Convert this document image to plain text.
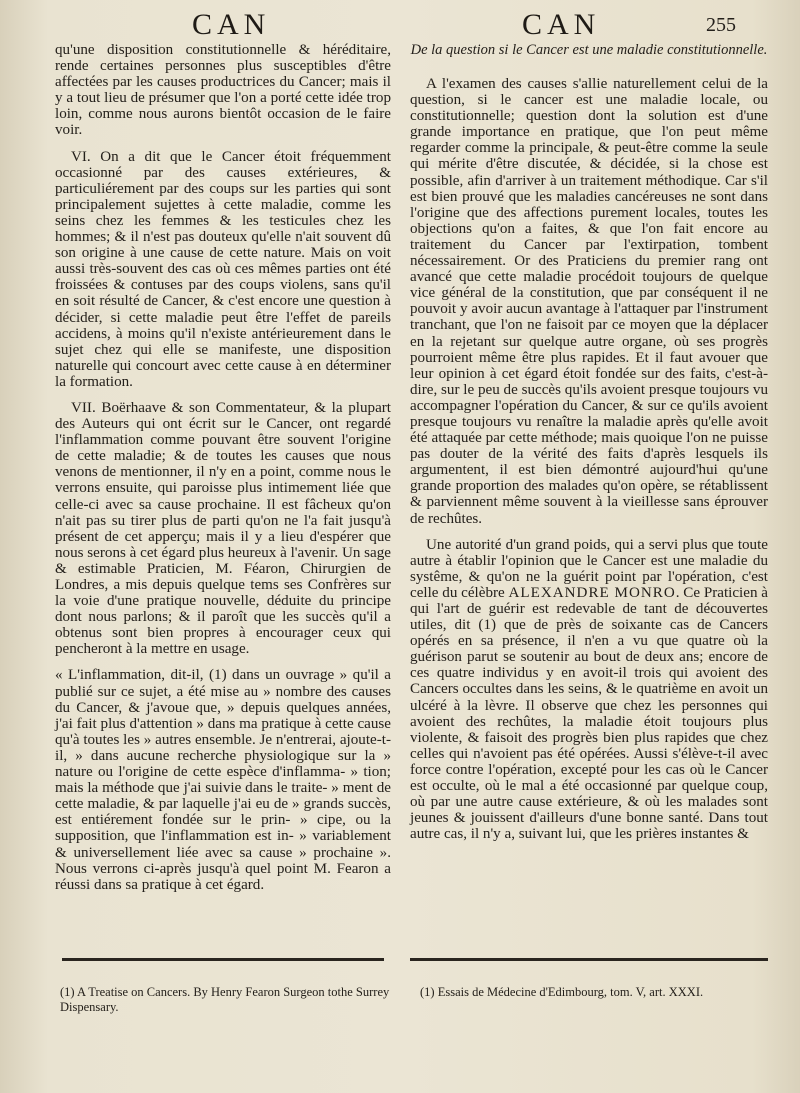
CAN	CAN	255

qu'une disposition constitutionnelle & héréditaire, rende certaines personnes plus susceptibles d'être affectées par les causes productrices du Cancer; mais il y a tout lieu de présumer que l'on a porté cette idée trop loin, comme nous aurons bientôt occasion de le faire voir.

VI. On a dit que le Cancer étoit fréquemment occasionné par des causes extérieures, & particuliérement par des coups sur les parties qui sont principalement sujettes à cette maladie, comme les seins chez les femmes & les testicules chez les hommes; & il n'est pas douteux qu'elle n'ait souvent dû son origine à une cause de cette nature. Mais on voit aussi très-souvent des cas où ces mêmes parties ont été froissées & contuses par des coups violens, sans qu'il en soit résulté de Cancer, & c'est encore une question à décider, si cette maladie peut être l'effet de pareils accidens, à moins qu'il n'existe antérieurement dans le sujet chez qui elle se manifeste, une disposition naturelle qui concourt avec cette cause à en déterminer la formation.

VII. Boërhaave & son Commentateur, & la plupart des Auteurs qui ont écrit sur le Cancer, ont regardé l'inflammation comme pouvant être souvent l'origine de cette maladie; & de toutes les causes que nous venons de mentionner, il n'y en a point, comme nous le verrons ensuite, qui paroisse plus intimement liée que celle-ci avec sa cause prochaine. Il est fâcheux qu'on n'ait pas su tirer plus de parti qu'on ne l'a fait jusqu'à présent de cet apperçu; mais il y a lieu d'espérer que nous serons à cet égard plus heureux à l'avenir. Un sage & estimable Praticien, M. Féaron, Chirurgien de Londres, a mis depuis quelque tems ses Confrères sur la voie d'une pratique nouvelle, déduite du principe dont nous parlons; & il paroît que les succès qu'il a obtenus sont bien propres à encourager ceux qui pencheront à la mettre en usage.

« L'inflammation, dit-il, (1) dans un ouvrage » qu'il a publié sur ce sujet, a été mise au » nombre des causes du Cancer, & j'avoue que, » depuis quelques années, j'ai fait plus d'attention » dans ma pratique à cette cause qu'à toutes les » autres ensemble. Je n'entrerai, ajoute-t-il, » dans aucune recherche physiologique sur la » nature ou l'origine de cette espèce d'inflamma- » tion; mais la méthode que j'ai suivie dans le traite- » ment de cette maladie, & par laquelle j'ai eu de » grands succès, est entiérement fondée sur le prin- » cipe, ou la supposition, que l'inflammation est in- » variablement & universellement liée avec sa cause » prochaine ». Nous verrons ci-après jusqu'à quel point M. Fearon a réussi dans sa pratique à cet égard.

De la question si le Cancer est une maladie constitutionnelle.

A l'examen des causes s'allie naturellement celui de la question, si le cancer est une maladie locale, ou constitutionnelle; question dont la solution est d'une grande importance en pratique, que l'on peut même regarder comme la principale, & peut-être comme la seule qui mérite d'être discutée, & décidée, si la chose est possible, afin d'arriver à un traitement méthodique. Car s'il est bien prouvé que les maladies cancéreuses ne sont dans l'origine que des affections purement locales, toutes les objections qu'on a faites, & que l'on fait encore au traitement du Cancer par l'extirpation, tombent nécessairement. Or des Praticiens du premier rang ont avancé que cette maladie procédoit toujours de quelque vice général de la constitution, que par conséquent il ne pouvoit y avoir aucun avantage à l'attaquer par l'instrument tranchant, que l'on ne faisoit par ce moyen que la déplacer en la rejetant sur quelque autre organe, où ses progrès pourroient même être plus rapides. Et il faut avouer que leur opinion à cet égard étoit fondée sur des faits, c'est-à-dire, sur le peu de succès qu'ils avoient presque toujours vu accompagner l'opération du Cancer, & sur ce qu'ils avoient presque toujours vu renaître la maladie après qu'elle avoit été attaquée par cette méthode; mais quoique l'on ne puisse pas douter de la vérité des faits d'après lesquels ils argumentent, il est bien démontré aujourd'hui qu'une grande proportion des malades qu'on opère, se rétablissent & parviennent même souvent à la vieillesse sans éprouver de rechûtes.

Une autorité d'un grand poids, qui a servi plus que toute autre à établir l'opinion que le Cancer est une maladie du systême, & qu'on ne la guérit point par l'opération, c'est celle du célèbre ALEXANDRE MONRO. Ce Praticien à qui l'art de guérir est redevable de tant de découvertes utiles, dit (1) que de près de soixante cas de Cancers opérés en sa présence, il n'en a vu que quatre où la guérison parut se soutenir au bout de deux ans; encore de ces quatre individus y en avoit-il trois qui avoient des Cancers occultes dans les seins, & le quatrième en avoit un ulcéré à la lèvre. Il observe que chez les personnes qui avoient des rechûtes, la maladie étoit toujours plus violente, & faisoit des progrès bien plus rapides que chez celles qui n'avoient pas été opérées. Aussi s'élève-t-il avec force contre l'opération, excepté pour les cas où le Cancer est occulte, où le mal a été occasionné par quelque coup, où par une autre cause extérieure, & où les malades sont jeunes & jouissent d'ailleurs d'une bonne santé. Dans tout autre cas, il n'y a, suivant lui, que les prières instantes &

(1) A Treatise on Cancers. By Henry Fearon Surgeon tothe Surrey Dispensary.
(1) Essais de Médecine d'Edimbourg, tom. V, art. XXXI.
